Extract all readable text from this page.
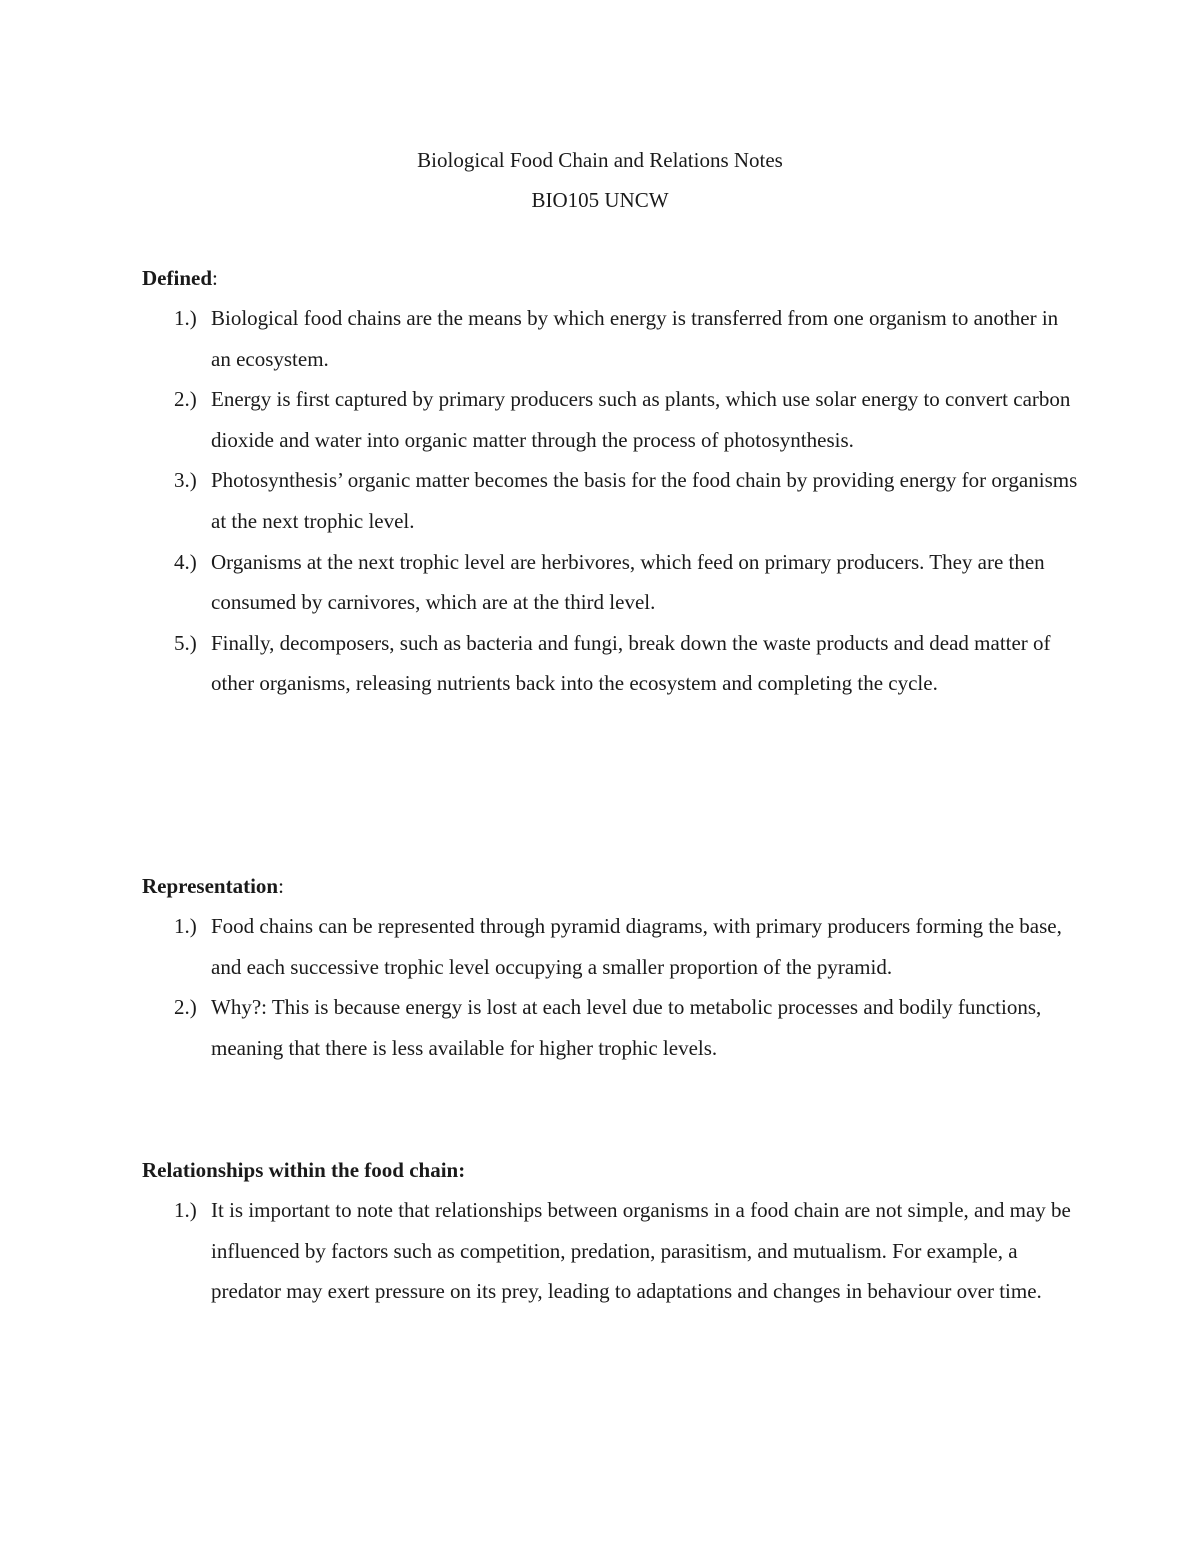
Biological Food Chain and Relations Notes
BIO105 UNCW
Defined:
1.) Biological food chains are the means by which energy is transferred from one organism to another in an ecosystem.
2.) Energy is first captured by primary producers such as plants, which use solar energy to convert carbon dioxide and water into organic matter through the process of photosynthesis.
3.) Photosynthesis’ organic matter becomes the basis for the food chain by providing energy for organisms at the next trophic level.
4.) Organisms at the next trophic level are herbivores, which feed on primary producers. They are then consumed by carnivores, which are at the third level.
5.) Finally, decomposers, such as bacteria and fungi, break down the waste products and dead matter of other organisms, releasing nutrients back into the ecosystem and completing the cycle.
Representation:
1.) Food chains can be represented through pyramid diagrams, with primary producers forming the base, and each successive trophic level occupying a smaller proportion of the pyramid.
2.) Why?: This is because energy is lost at each level due to metabolic processes and bodily functions, meaning that there is less available for higher trophic levels.
Relationships within the food chain:
1.) It is important to note that relationships between organisms in a food chain are not simple, and may be influenced by factors such as competition, predation, parasitism, and mutualism. For example, a predator may exert pressure on its prey, leading to adaptations and changes in behaviour over time.
